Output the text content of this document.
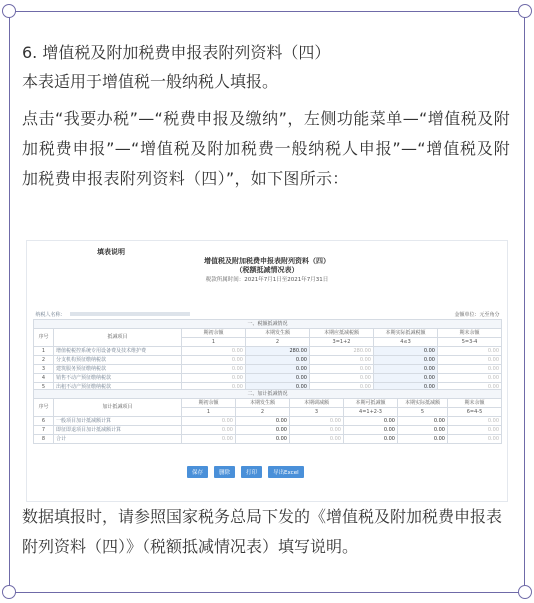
6. 增值税及附加税费申报表附列资料（四）
本表适用于增值税一般纳税人填报。
点击“我要办税”—“税费申报及缴纳”，左侧功能菜单—“增值税及附加税费申报”—“增值税及附加税费一般纳税人申报”—“增值税及附加税费申报表附列资料（四）”，如下图所示：
填表说明
增值税及附加税费申报表附列资料（四）
（税额抵减情况表）
税款所属时间：2021年7月1日至2021年7月31日
纳税人名称：			金额单位：元至角分			
一、税额抵减情况						
序号	抵减项目	期初余额	本期发生额	本期应抵减税额	本期实际抵减税额	期末余额
		1	2	3=1+2	4≤3	5=3-4
1	增值税税控系统专用设备费及技术维护费	0.00	280.00	280.00	0.00	0.00
2	分支机构预征缴纳税款	0.00	0.00	0.00	0.00	0.00
3	建筑服务预征缴纳税款	0.00	0.00	0.00	0.00	0.00
4	销售不动产预征缴纳税款	0.00	0.00	0.00	0.00	0.00
5	出租不动产预征缴纳税款	0.00	0.00	0.00	0.00	0.00
二、加计抵减情况							
序号	加计抵减项目	期初余额	本期发生额	本期调减额	本期可抵减额	本期实际抵减额	期末余额
		1	2	3	4=1+2-3	5	6=4-5
6	一般项目加计抵减额计算	0.00	0.00	0.00	0.00	0.00	0.00
7	即征即退项目加计抵减额计算	0.00	0.00	0.00	0.00	0.00	0.00
8	合计	0.00	0.00	0.00	0.00	0.00	0.00
保存	删除	打印	导出Excel
数据填报时，请参照国家税务总局下发的《增值税及附加税费申报表附列资料（四）》（税额抵减情况表）填写说明。
